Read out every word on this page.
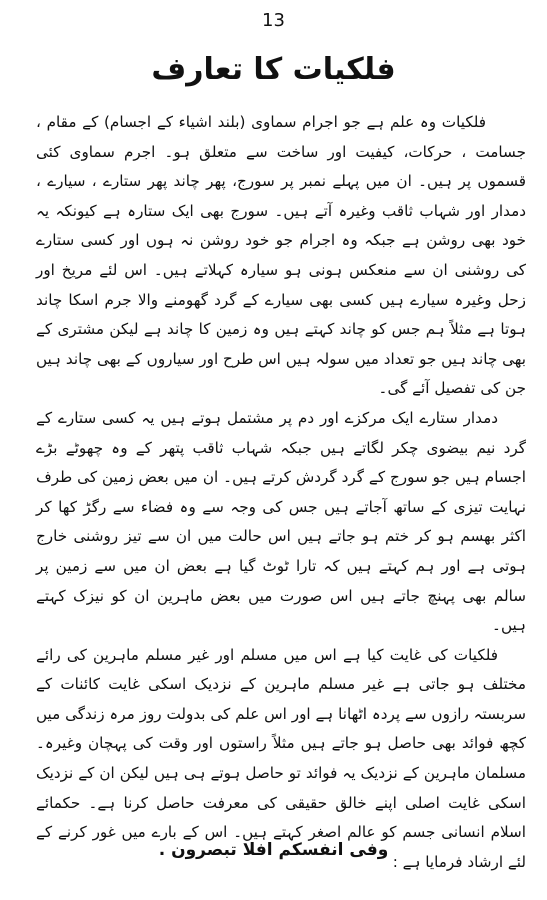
13
فلکیات کا تعارف

فلکیات وہ علم ہے جو اجرام سماوی (بلند اشیاء کے اجسام) کے مقام ، جسامت ، حرکات، کیفیت اور ساخت سے متعلق ہو۔ اجرم سماوی کئی قسموں پر ہیں۔ ان میں پہلے نمبر پر سورج، پھر چاند پھر ستارے ، سیارے ، دمدار اور شہاب ثاقب وغیرہ آتے ہیں۔ سورج بھی ایک ستارہ ہے کیونکہ یہ خود بھی روشن ہے جبکہ وہ اجرام جو خود روشن نہ ہوں اور کسی ستارے کی روشنی ان سے منعکس ہونی ہو سیارہ کہلاتے ہیں۔ اس لئے مریخ اور زحل وغیرہ سیارے ہیں کسی بھی سیارے کے گرد گھومنے والا جرم اسکا چاند ہوتا ہے مثلاً ہم جس کو چاند کہتے ہیں وہ زمین کا چاند ہے لیکن مشتری کے بھی چاند ہیں جو تعداد میں سولہ ہیں اس طرح اور سیاروں کے بھی چاند ہیں جن کی تفصیل آئے گی۔

دمدار ستارے ایک مرکزے اور دم پر مشتمل ہوتے ہیں یہ کسی ستارے کے گرد نیم بیضوی چکر لگاتے ہیں جبکہ شہاب ثاقب پتھر کے وہ چھوٹے بڑے اجسام ہیں جو سورج کے گرد گردش کرتے ہیں۔ ان میں بعض زمین کی طرف نہایت تیزی کے ساتھ آجاتے ہیں جس کی وجہ سے وہ فضاء سے رگڑ کھا کر اکثر بھسم ہو کر ختم ہو جاتے ہیں اس حالت میں ان سے تیز روشنی خارج ہوتی ہے اور ہم کہتے ہیں کہ تارا ٹوٹ گیا ہے بعض ان میں سے زمین پر سالم بھی پہنچ جاتے ہیں اس صورت میں بعض ماہرین ان کو نیزک کہتے ہیں۔

فلکیات کی غایت کیا ہے اس میں مسلم اور غیر مسلم ماہرین کی رائے مختلف ہو جاتی ہے غیر مسلم ماہرین کے نزدیک اسکی غایت کائنات کے سربستہ رازوں سے پردہ اٹھانا ہے اور اس علم کی بدولت روز مرہ زندگی میں کچھ فوائد بھی حاصل ہو جاتے ہیں مثلاً راستوں اور وقت کی پہچان وغیرہ۔ مسلمان ماہرین کے نزدیک یہ فوائد تو حاصل ہوتے ہی ہیں لیکن ان کے نزدیک اسکی غایت اصلی اپنے خالق حقیقی کی معرفت حاصل کرنا ہے۔ حکمائے اسلام انسانی جسم کو عالم اصغر کہتے ہیں۔ اس کے بارے میں غور کرنے کے لئے ارشاد فرمایا ہے :

وفی انفسکم افلا تبصرون .
